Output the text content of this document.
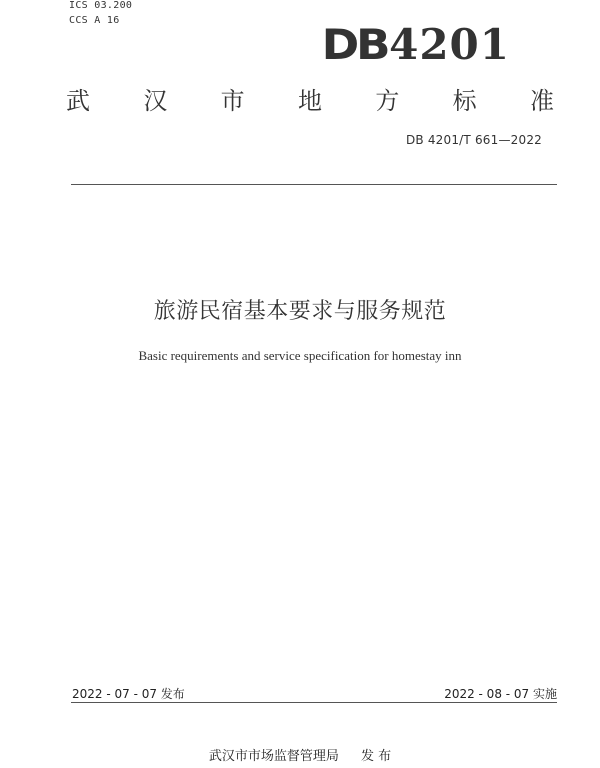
ICS 03.200
CCS A 16	DB4201
武 汉 市 地 方 标 准
DB 4201/T 661—2022
旅游民宿基本要求与服务规范
Basic requirements and service specification for homestay inn
2022 - 07 - 07 发布	2022 - 08 - 07 实施
武汉市市场监督管理局 发 布
